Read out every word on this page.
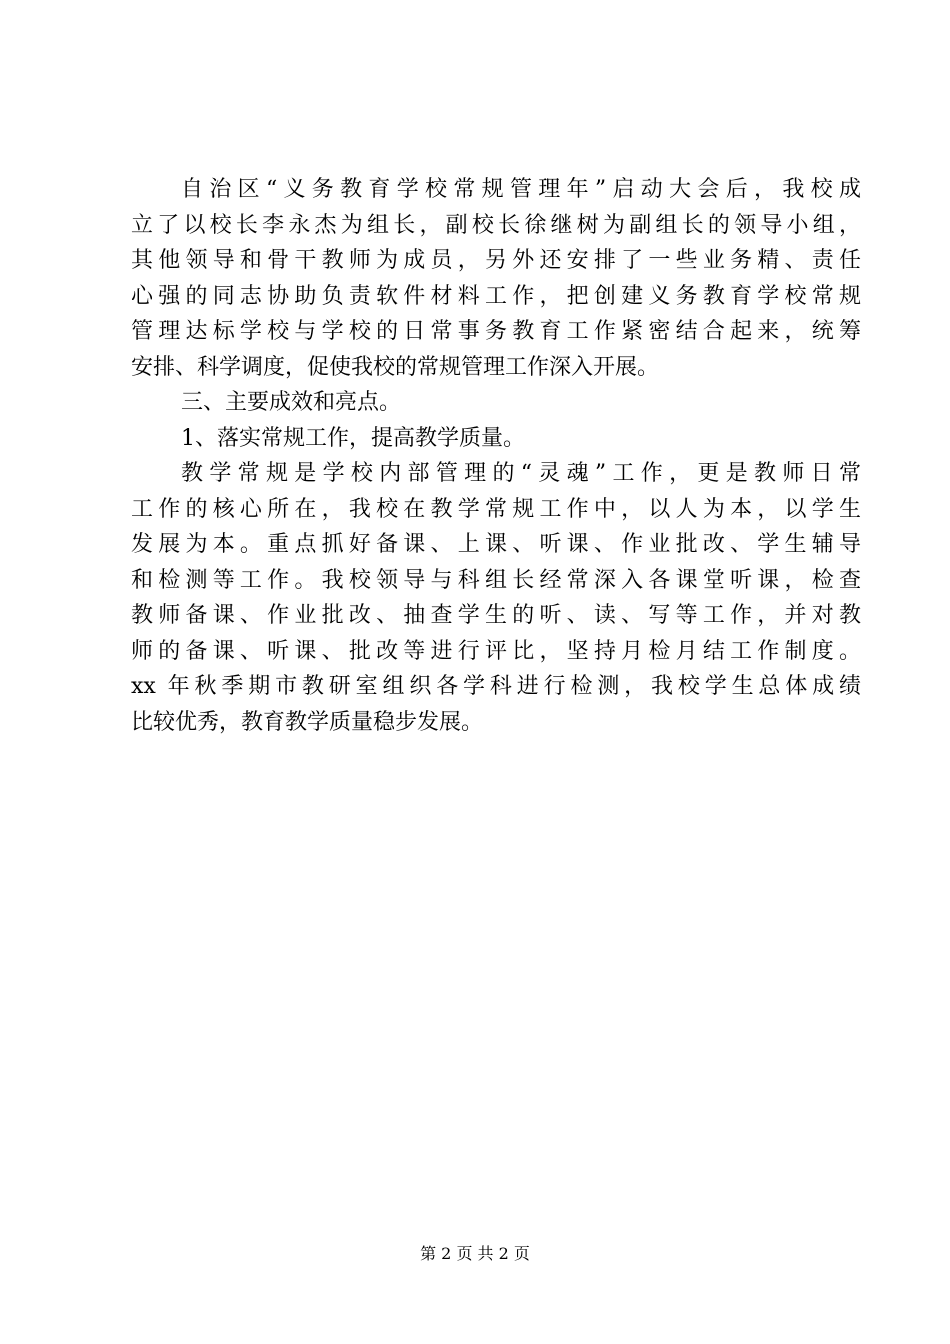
自治区“义务教育学校常规管理年”启动大会后，我校成
立了以校长李永杰为组长，副校长徐继树为副组长的领导小组，
其他领导和骨干教师为成员，另外还安排了一些业务精、责任
心强的同志协助负责软件材料工作，把创建义务教育学校常规
管理达标学校与学校的日常事务教育工作紧密结合起来，统筹
安排、科学调度，促使我校的常规管理工作深入开展。
三、主要成效和亮点。
1、落实常规工作，提高教学质量。
教学常规是学校内部管理的“灵魂”工作，更是教师日常
工作的核心所在，我校在教学常规工作中，以人为本，以学生
发展为本。重点抓好备课、上课、听课、作业批改、学生辅导
和检测等工作。我校领导与科组长经常深入各课堂听课，检查
教师备课、作业批改、抽查学生的听、读、写等工作，并对教
师的备课、听课、批改等进行评比，坚持月检月结工作制度。
xx 年秋季期市教研室组织各学科进行检测，我校学生总体成绩
比较优秀，教育教学质量稳步发展。
第 2 页 共 2 页
